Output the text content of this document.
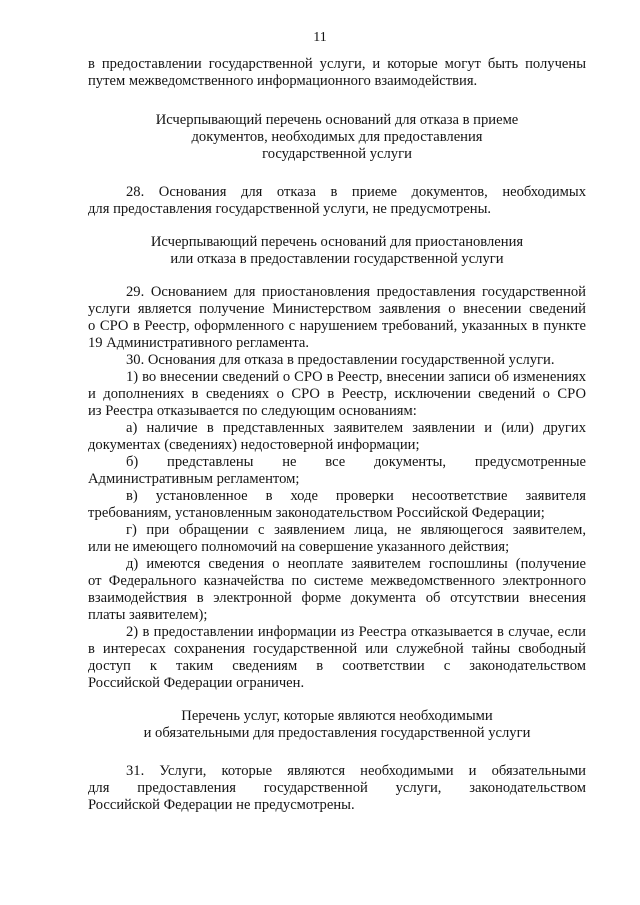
11
в предоставлении государственной услуги, и которые могут быть получены
путем межведомственного информационного взаимодействия.
Исчерпывающий перечень оснований для отказа в приеме
документов, необходимых для предоставления
государственной услуги
28. Основания для отказа в приеме документов, необходимых
для предоставления государственной услуги, не предусмотрены.
Исчерпывающий перечень оснований для приостановления
или отказа в предоставлении государственной услуги
29. Основанием для приостановления предоставления государственной
услуги является получение Министерством заявления о внесении сведений
о СРО в Реестр, оформленного с нарушением требований, указанных в пункте
19 Административного регламента.
30. Основания для отказа в предоставлении государственной услуги.
1) во внесении сведений о СРО в Реестр, внесении записи об изменениях
и дополнениях в сведениях о СРО в Реестр, исключении сведений о СРО
из Реестра отказывается по следующим основаниям:
а) наличие в представленных заявителем заявлении и (или) других
документах (сведениях) недостоверной информации;
б) представлены не все документы, предусмотренные
Административным регламентом;
в) установленное в ходе проверки несоответствие заявителя
требованиям, установленным законодательством Российской Федерации;
г) при обращении с заявлением лица, не являющегося заявителем,
или не имеющего полномочий на совершение указанного действия;
д) имеются сведения о неоплате заявителем госпошлины (получение
от Федерального казначейства по системе межведомственного электронного
взаимодействия в электронной форме документа об отсутствии внесения
платы заявителем);
2) в предоставлении информации из Реестра отказывается в случае, если
в интересах сохранения государственной или служебной тайны свободный
доступ к таким сведениям в соответствии с законодательством
Российской Федерации ограничен.
Перечень услуг, которые являются необходимыми
и обязательными для предоставления государственной услуги
31. Услуги, которые являются необходимыми и обязательными
для предоставления государственной услуги, законодательством
Российской Федерации не предусмотрены.
